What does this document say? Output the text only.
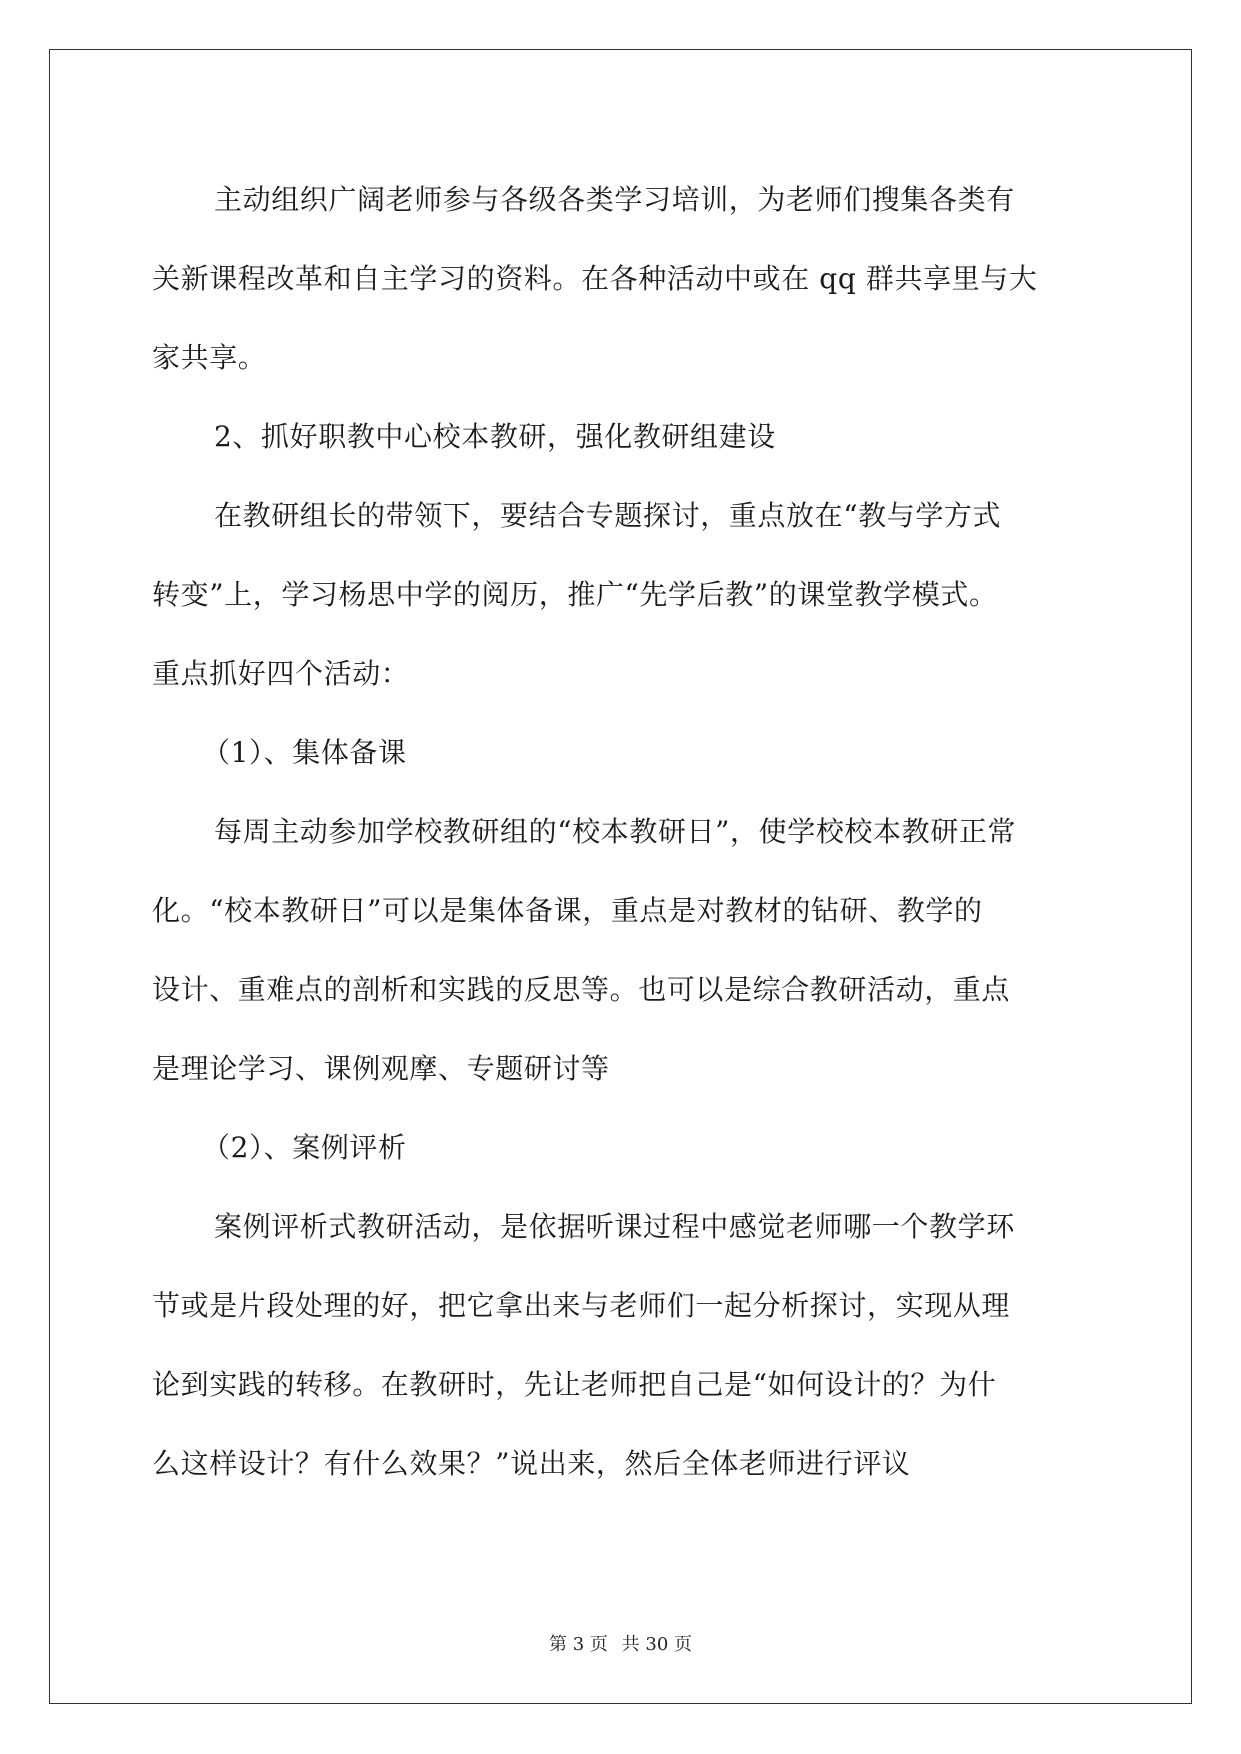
主动组织广阔老师参与各级各类学习培训，为老师们搜集各类有
关新课程改革和自主学习的资料。在各种活动中或在 qq 群共享里与大
家共享。
2、抓好职教中心校本教研，强化教研组建设
在教研组长的带领下，要结合专题探讨，重点放在“教与学方式
转变”上，学习杨思中学的阅历，推广“先学后教”的课堂教学模式。
重点抓好四个活动：
（1）、集体备课
每周主动参加学校教研组的“校本教研日”，使学校校本教研正常
化。“校本教研日”可以是集体备课，重点是对教材的钻研、教学的
设计、重难点的剖析和实践的反思等。也可以是综合教研活动，重点
是理论学习、课例观摩、专题研讨等
（2）、案例评析
案例评析式教研活动，是依据听课过程中感觉老师哪一个教学环
节或是片段处理的好，把它拿出来与老师们一起分析探讨，实现从理
论到实践的转移。在教研时，先让老师把自己是“如何设计的？为什
么这样设计？有什么效果？”说出来，然后全体老师进行评议
第 3 页 共 30 页
